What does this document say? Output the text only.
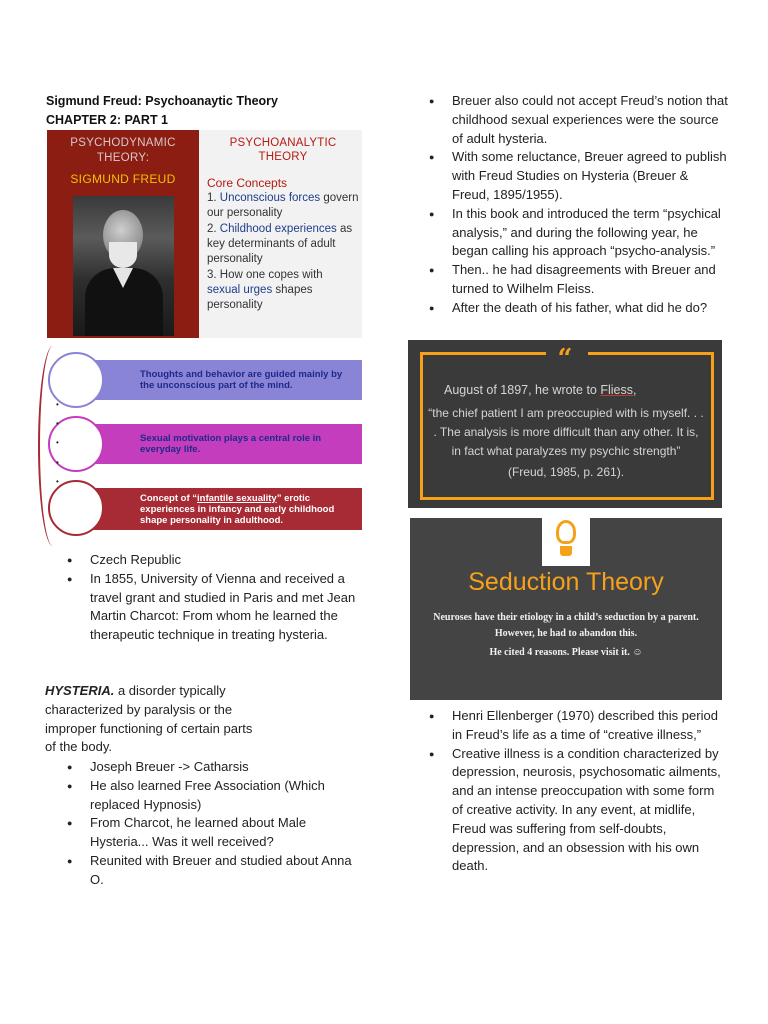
Sigmund Freud: Psychoanaytic Theory
CHAPTER 2: PART 1
PSYCHODYNAMIC THEORY:
SIGMUND FREUD
PSYCHOANALYTIC THEORY
Core Concepts
1. Unconscious forces govern our personality
2. Childhood experiences as key determinants of adult personality
3. How one copes with sexual urges shapes personality
Thoughts and behavior are guided mainly by the unconscious part of the mind.
Sexual motivation plays a central role in everyday life.
Concept of “infantile sexuality” erotic experiences in infancy and early childhood shape personality in adulthood.
•
•
•
•
•
● Czech Republic
● In 1855, University of Vienna and received a travel grant and studied in Paris and met Jean Martin Charcot: From whom he learned the therapeutic technique in treating hysteria.
HYSTERIA. a disorder typically characterized by paralysis or the improper functioning of certain parts of the body.
● Joseph Breuer -> Catharsis
● He also learned Free Association (Which replaced Hypnosis)
● From Charcot, he learned about Male Hysteria... Was it well received?
● Reunited with Breuer and studied about Anna O.
● Breuer also could not accept Freud’s notion that childhood sexual experiences were the source of adult hysteria.
● With some reluctance, Breuer agreed to publish with Freud Studies on Hysteria (Breuer & Freud, 1895/1955).
● In this book and introduced the term “psychical analysis,” and during the following year, he began calling his approach “psycho-analysis.”
● Then.. he had disagreements with Breuer and turned to Wilhelm Fleiss.
● After the death of his father, what did he do?
“
August of 1897, he wrote to Fliess,
“the chief patient I am preoccupied with is myself. . . . The analysis is more difficult than any other. It is, in fact what paralyzes my psychic strength”
(Freud, 1985, p. 261).
Seduction Theory
Neuroses have their etiology in a child’s seduction by a parent. However, he had to abandon this.
He cited 4 reasons. Please visit it. ☺
● Henri Ellenberger (1970) described this period in Freud’s life as a time of “creative illness,”
● Creative illness is a condition characterized by depression, neurosis, psychosomatic ailments, and an intense preoccupation with some form of creative activity. In any event, at midlife, Freud was suffering from self-doubts, depression, and an obsession with his own death.
